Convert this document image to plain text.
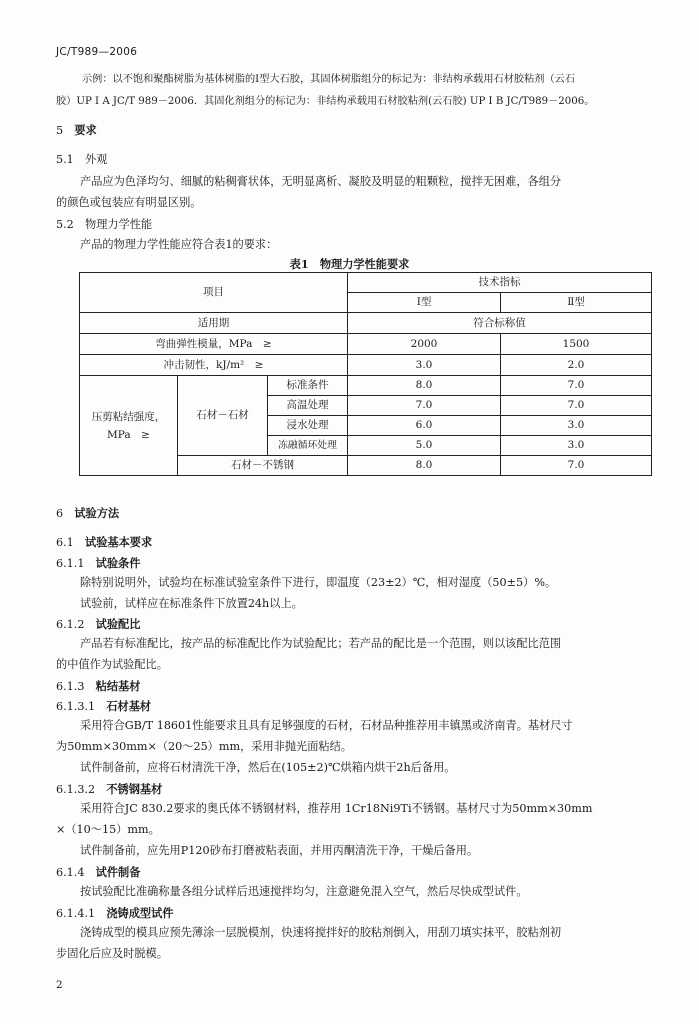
JC/T989—2006
示例：以不饱和聚酯树脂为基体树脂的Ⅰ型大石胶，其固体树脂组分的标记为：非结构承载用石材胶粘剂（云石
胶）UP I A JC/T 989－2006．其固化剂组分的标记为：非结构承载用石材胶粘剂(云石胶) UP I B JC/T989－2006。
5　 要求
5.1　 外观
产品应为色泽均匀、细腻的粘稠膏状体，无明显离析、凝胶及明显的粗颗粒，搅拌无困难，各组分
的颜色或包装应有明显区别。
5.2　 物理力学性能
产品的物理力学性能应符合表1的要求：
表1　物理力学性能要求
项目			技术指标	
			Ⅰ型	Ⅱ型
适用期			符合标称值	
弯曲弹性模量，MPa　≥			2000	1500
冲击韧性，kJ/m²　≥			3.0	2.0
压剪粘结强度，
MPa　≥	石材－石材	标准条件	8.0	7.0
		高温处理	7.0	7.0
		浸水处理	6.0	3.0
		冻融循环处理	5.0	3.0
	石材－不锈钢		8.0	7.0
6　 试验方法
6.1　 试验基本要求
6.1.1　 试验条件
除特别说明外，试验均在标准试验室条件下进行，即温度（23±2）℃，相对湿度（50±5）%。
试验前，试样应在标准条件下放置24h以上。
6.1.2　 试验配比
产品若有标准配比，按产品的标准配比作为试验配比；若产品的配比是一个范围，则以该配比范围
的中值作为试验配比。
6.1.3　 粘结基材
6.1.3.1　 石材基材
采用符合GB/T 18601性能要求且具有足够强度的石材，石材品种推荐用丰镇黑或济南青。基材尺寸
为50mm×30mm×（20～25）mm，采用非抛光面粘结。
试件制备前，应将石材清洗干净，然后在(105±2)℃烘箱内烘干2h后备用。
6.1.3.2　 不锈钢基材
采用符合JC 830.2要求的奥氏体不锈钢材料，推荐用 1Cr18Ni9Ti不锈钢。基材尺寸为50mm×30mm
×（10～15）mm。
试件制备前，应先用P120砂布打磨被粘表面，并用丙酮清洗干净，干燥后备用。
6.1.4　 试件制备
按试验配比准确称量各组分试样后迅速搅拌均匀，注意避免混入空气，然后尽快成型试件。
6.1.4.1　 浇铸成型试件
浇铸成型的模具应预先薄涂一层脱模剂，快速将搅拌好的胶粘剂倒入，用刮刀填实抹平，胶粘剂初
步固化后应及时脱模。
2
